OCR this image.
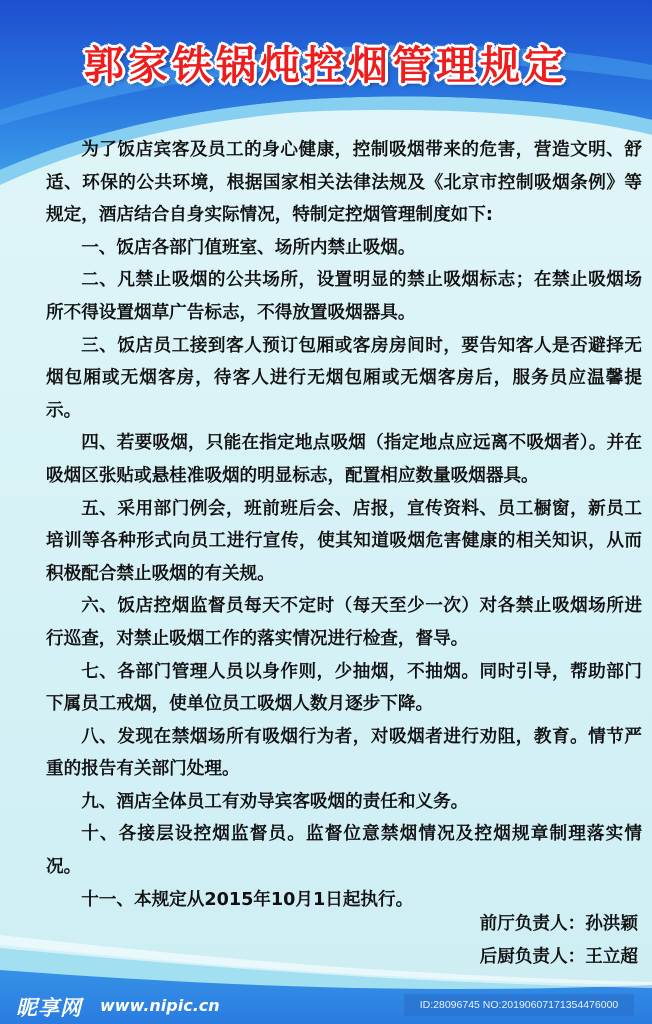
郭家铁锅炖控烟管理规定

为了饭店宾客及员工的身心健康，控制吸烟带来的危害，营造文明、舒适、环保的公共环境，根据国家相关法律法规及《北京市控制吸烟条例》等规定，酒店结合自身实际情况，特制定控烟管理制度如下:

一、饭店各部门值班室、场所内禁止吸烟。

二、凡禁止吸烟的公共场所，设置明显的禁止吸烟标志；在禁止吸烟场所不得设置烟草广告标志，不得放置吸烟器具。

三、饭店员工接到客人预订包厢或客房房间时，要告知客人是否避择无烟包厢或无烟客房，待客人进行无烟包厢或无烟客房后，服务员应温馨提示。

四、若要吸烟，只能在指定地点吸烟（指定地点应远离不吸烟者）。并在吸烟区张贴或悬桂准吸烟的明显标志，配置相应数量吸烟器具。

五、采用部门例会，班前班后会、店报，宣传资料、员工橱窗，新员工培训等各种形式向员工进行宣传，使其知道吸烟危害健康的相关知识，从而积极配合禁止吸烟的有关规。

六、饭店控烟监督员每天不定时（每天至少一次）对各禁止吸烟场所进行巡查，对禁止吸烟工作的落实情况进行检查，督导。

七、各部门管理人员以身作则，少抽烟，不抽烟。同时引导，帮助部门下属员工戒烟，使单位员工吸烟人数月逐步下降。

八、发现在禁烟场所有吸烟行为者，对吸烟者进行劝阻，教育。情节严重的报告有关部门处理。

九、酒店全体员工有劝导宾客吸烟的责任和义务。

十、各接层设控烟监督员。监督位意禁烟情况及控烟规章制理落实情况。

十一、本规定从2015年10月1日起执行。

前厅负责人：孙洪颖
后厨负责人：王立超
昵享网 www.nipic.cn	ID:28096745 NO:20190607171354476000
